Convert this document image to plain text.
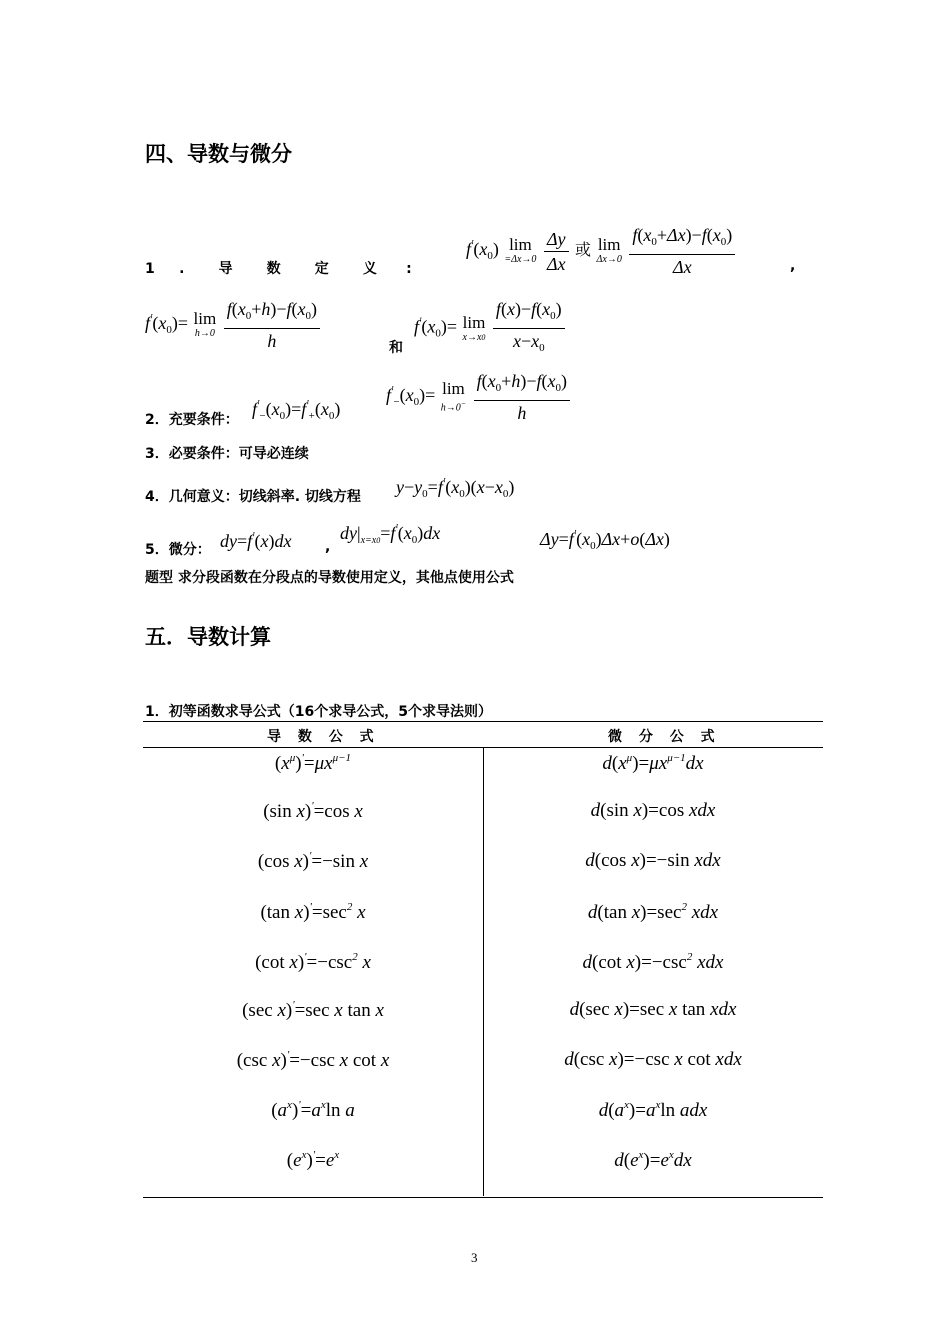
四、导数与微分
1     .       导       数       定       义      :
$f'(x_0)$ lim
=Δx→0
$\frac{\Delta y}{\Delta x}$ 或 lim
Δx→0
$\frac{f(x_0+\Delta x)-f(x_0)}{\Delta x}$	,
$f'(x_0)= \lim$
h→0
$\frac{f(x_0+h)-f(x_0)}{h}$	和
$f'(x_0)= \lim$
x→x0
$\frac{f(x)-f(x_0)}{x-x_0}$
2．充要条件：
$f'_-(x_0)=f'_+(x_0)$
$f'_-(x_0)= \lim$
h→0−
$\frac{f(x_0+h)-f(x_0)}{h}$
3．必要条件：可导必连续
4．几何意义：切线斜率. 切线方程 $y-y_0=f'(x_0)(x-x_0)$
5．微分： dy=f'(x)dx ,
$dy|_{x=x0}=f'(x_0)dx$	$\Delta y=f'(x_0)\Delta x+o(\Delta x)$
题型 求分段函数在分段点的导数使用定义，其他点使用公式
五．导数计算
1．初等函数求导公式（16个求导公式，5个求导法则）
导 数 公 式	微 分 公 式
$(x^\mu)'=\mu x^{\mu-1}$	$d(x^\mu)=\mu x^{\mu-1}dx$
(sin x)'=cos x	d(sin x)=cos xdx
(cos x)'=−sin x	d(cos x)=−sin xdx
(tan $x)'=\sec^2$ x	d(tan $x)=\sec^2$ xdx
(cot $x)'=-\csc^2$ x	d(cot $x)=-\csc^2$ xdx
(sec x)'=sec x tan x	d(sec x)=sec x tan xdx
(csc x)'=−csc x cot x	d(csc x)=−csc x cot xdx
$(a^x)'=a^x\ln$ a	$d(a^x)=a^x\ln$ adx
$(e^x)'=e^x$	$d(e^x)=e^xdx$
3
